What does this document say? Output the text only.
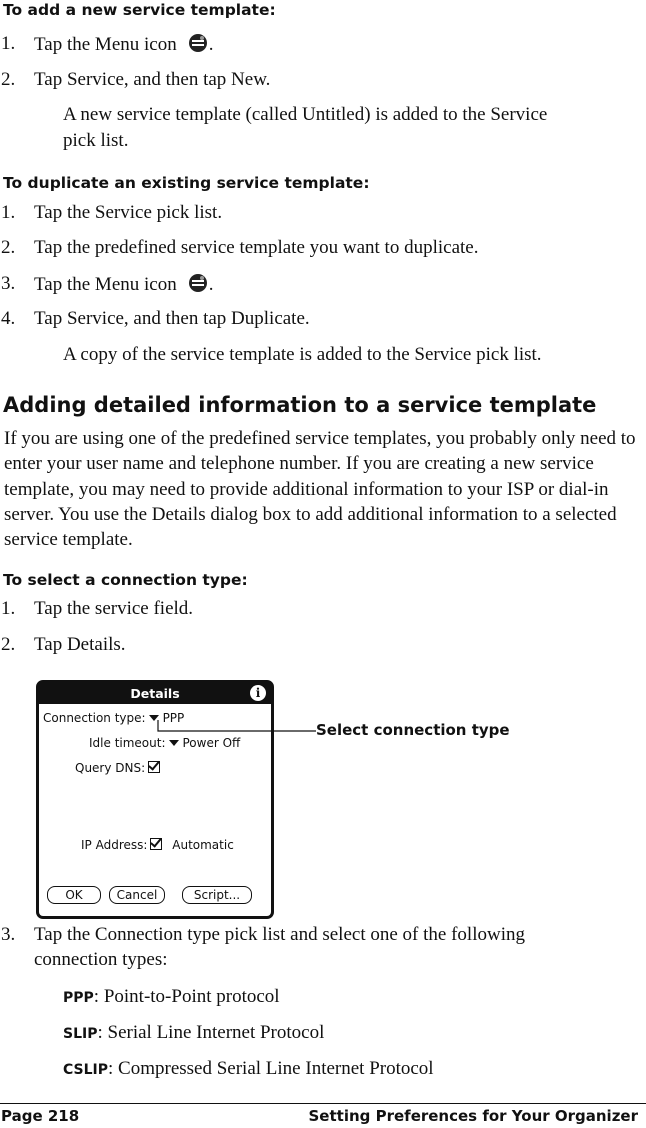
To add a new service template:
1. Tap the Menu icon .
2. Tap Service, and then tap New.
A new service template (called Untitled) is added to the Service
pick list.
To duplicate an existing service template:
1. Tap the Service pick list.
2. Tap the predefined service template you want to duplicate.
3. Tap the Menu icon .
4. Tap Service, and then tap Duplicate.
A copy of the service template is added to the Service pick list.
Adding detailed information to a service template
If you are using one of the predefined service templates, you probably only need to enter your user name and telephone number. If you are creating a new service template, you may need to provide additional information to your ISP or dial-in server. You use the Details dialog box to add additional information to a selected service template.
To select a connection type:
1. Tap the service field.
2. Tap Details.
Details	i
Connection type: PPP
Idle timeout: Power Off
Query DNS:
IP Address: Automatic
OK	Cancel	Script...
Select connection type
3. Tap the Connection type pick list and select one of the following
connection types:
PPP: Point-to-Point protocol
SLIP: Serial Line Internet Protocol
CSLIP: Compressed Serial Line Internet Protocol
Page 218	Setting Preferences for Your Organizer
